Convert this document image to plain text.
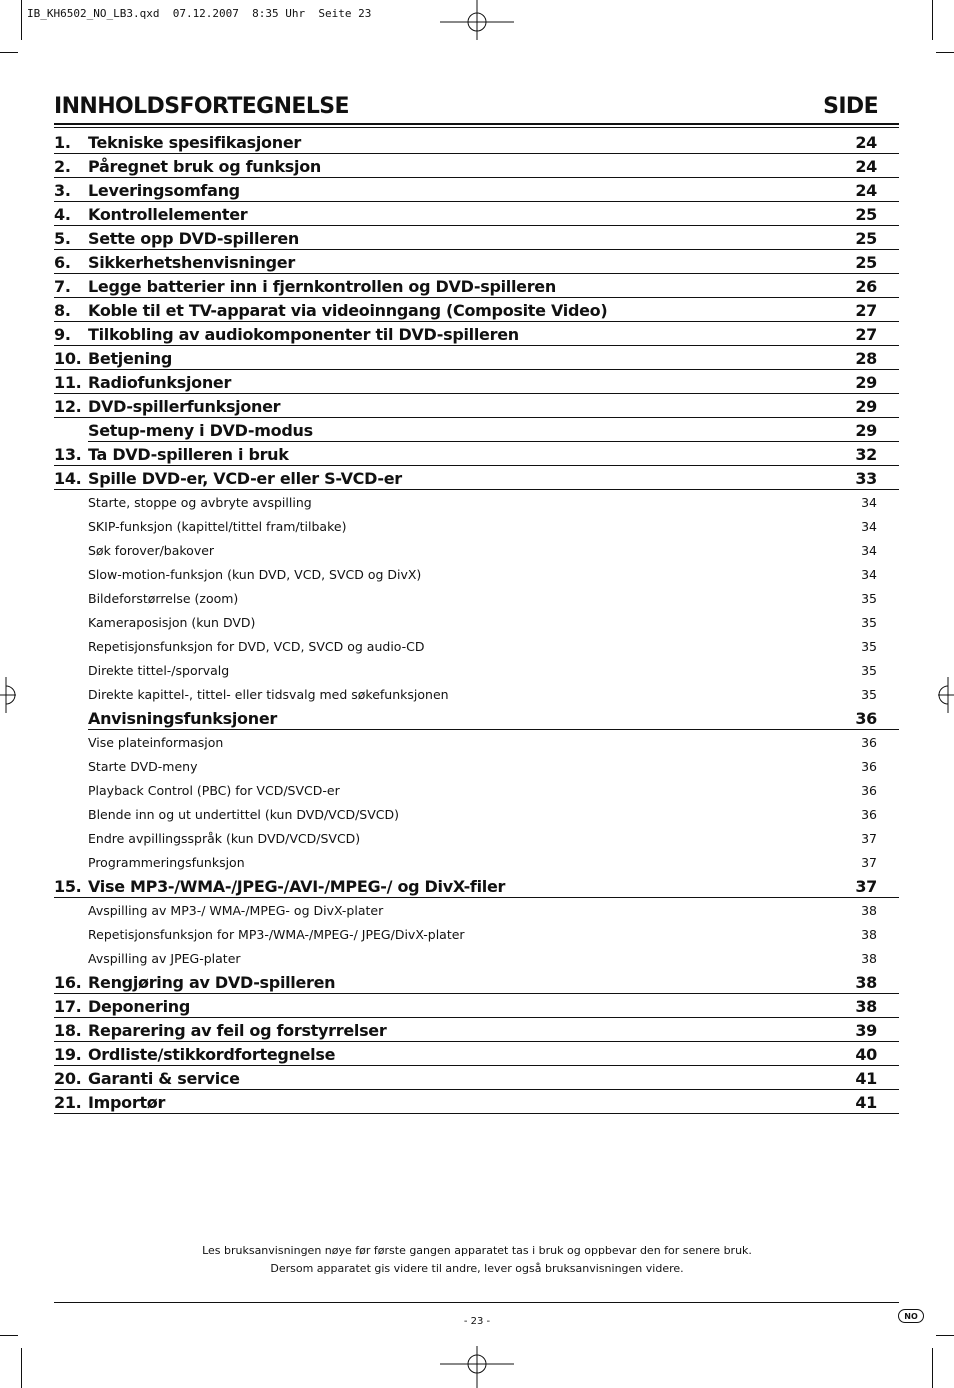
IB_KH6502_NO_LB3.qxd  07.12.2007  8:35 Uhr  Seite 23
INNHOLDSFORTEGNELSE	SIDE
1.	Tekniske spesifikasjoner	24
2.	Påregnet bruk og funksjon	24
3.	Leveringsomfang	24
4.	Kontrollelementer	25
5.	Sette opp DVD-spilleren	25
6.	Sikkerhetshenvisninger	25
7.	Legge batterier inn i fjernkontrollen og DVD-spilleren	26
8.	Koble til et TV-apparat via videoinngang (Composite Video)	27
9.	Tilkobling av audiokomponenter til DVD-spilleren	27
10. Betjening	28
11. Radiofunksjoner	29
12. DVD-spillerfunksjoner	29
Setup-meny i DVD-modus	29
13. Ta DVD-spilleren i bruk	32
14. Spille DVD-er, VCD-er eller S-VCD-er	33
Starte, stoppe og avbryte avspilling	34
SKIP-funksjon (kapittel/tittel fram/tilbake)	34
Søk forover/bakover	34
Slow-motion-funksjon (kun DVD, VCD, SVCD og DivX)	34
Bildeforstørrelse (zoom)	35
Kameraposisjon (kun DVD)	35
Repetisjonsfunksjon for DVD, VCD, SVCD og audio-CD	35
Direkte tittel-/sporvalg	35
Direkte kapittel-, tittel- eller tidsvalg med søkefunksjonen	35
Anvisningsfunksjoner	36
Vise plateinformasjon	36
Starte DVD-meny	36
Playback Control (PBC) for VCD/SVCD-er	36
Blende inn og ut undertittel (kun DVD/VCD/SVCD)	36
Endre avpillingsspråk (kun DVD/VCD/SVCD)	37
Programmeringsfunksjon	37
15. Vise MP3-/WMA-/JPEG-/AVI-/MPEG-/ og DivX-filer	37
Avspilling av MP3-/ WMA-/MPEG- og DivX-plater	38
Repetisjonsfunksjon for MP3-/WMA-/MPEG-/ JPEG/DivX-plater	38
Avspilling av JPEG-plater	38
16. Rengjøring av DVD-spilleren	38
17. Deponering	38
18. Reparering av feil og forstyrrelser	39
19. Ordliste/stikkordfortegnelse	40
20. Garanti & service	41
21. Importør	41
Les bruksanvisningen nøye før første gangen apparatet tas i bruk og oppbevar den for senere bruk.
Dersom apparatet gis videre til andre, lever også bruksanvisningen videre.
- 23 -	NO
